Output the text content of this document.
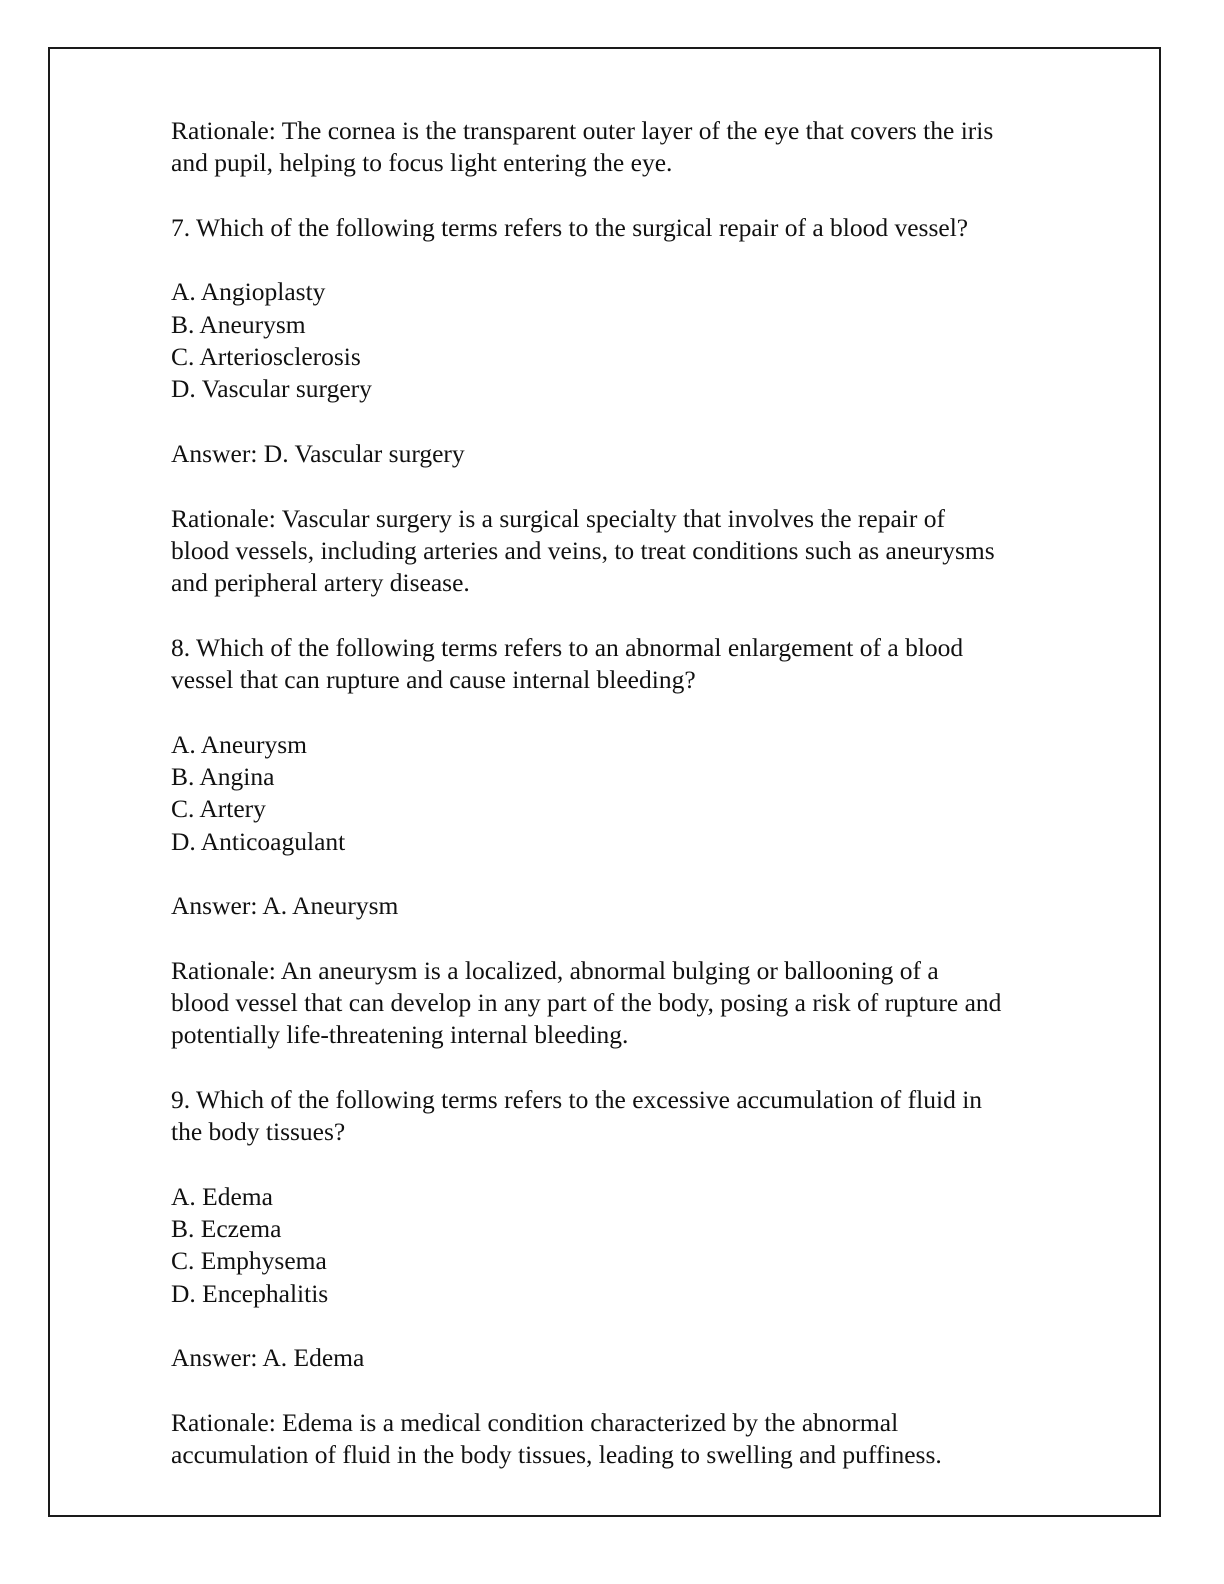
Rationale: The cornea is the transparent outer layer of the eye that covers the iris
and pupil, helping to focus light entering the eye.
7. Which of the following terms refers to the surgical repair of a blood vessel?
A. Angioplasty
B. Aneurysm
C. Arteriosclerosis
D. Vascular surgery
Answer: D. Vascular surgery
Rationale: Vascular surgery is a surgical specialty that involves the repair of
blood vessels, including arteries and veins, to treat conditions such as aneurysms
and peripheral artery disease.
8. Which of the following terms refers to an abnormal enlargement of a blood
vessel that can rupture and cause internal bleeding?
A. Aneurysm
B. Angina
C. Artery
D. Anticoagulant
Answer: A. Aneurysm
Rationale: An aneurysm is a localized, abnormal bulging or ballooning of a
blood vessel that can develop in any part of the body, posing a risk of rupture and
potentially life-threatening internal bleeding.
9. Which of the following terms refers to the excessive accumulation of fluid in
the body tissues?
A. Edema
B. Eczema
C. Emphysema
D. Encephalitis
Answer: A. Edema
Rationale: Edema is a medical condition characterized by the abnormal
accumulation of fluid in the body tissues, leading to swelling and puffiness.
